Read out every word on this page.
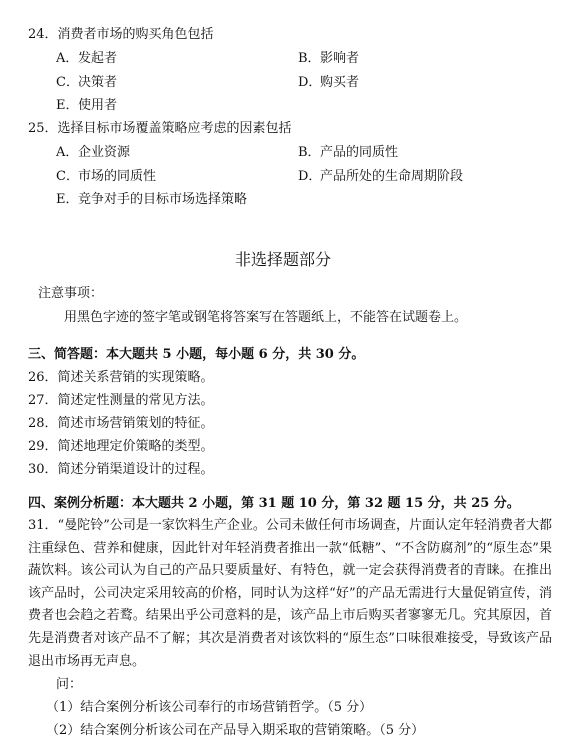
24．消费者市场的购买角色包括
A．发起者	B．影响者
C．决策者	D．购买者
E．使用者
25．选择目标市场覆盖策略应考虑的因素包括
A．企业资源	B．产品的同质性
C．市场的同质性	D．产品所处的生命周期阶段
E．竞争对手的目标市场选择策略
非选择题部分
注意事项：
用黑色字迹的签字笔或钢笔将答案写在答题纸上，不能答在试题卷上。
三、简答题：本大题共 5 小题，每小题 6 分，共 30 分。
26．简述关系营销的实现策略。
27．简述定性测量的常见方法。
28．简述市场营销策划的特征。
29．简述地理定价策略的类型。
30．简述分销渠道设计的过程。
四、案例分析题：本大题共 2 小题，第 31 题 10 分，第 32 题 15 分，共 25 分。
31．“曼陀铃”公司是一家饮料生产企业。公司未做任何市场调查，片面认定年轻消费者大都注重绿色、营养和健康，因此针对年轻消费者推出一款“低糖”、“不含防腐剂”的“原生态”果蔬饮料。该公司认为自己的产品只要质量好、有特色，就一定会获得消费者的青睐。在推出该产品时，公司决定采用较高的价格，同时认为这样“好”的产品无需进行大量促销宣传，消费者也会趋之若鹜。结果出乎公司意料的是，该产品上市后购买者寥寥无几。究其原因，首先是消费者对该产品不了解；其次是消费者对该饮料的“原生态”口味很难接受，导致该产品退出市场再无声息。
问：
（1）结合案例分析该公司奉行的市场营销哲学。（5 分）
（2）结合案例分析该公司在产品导入期采取的营销策略。（5 分）
